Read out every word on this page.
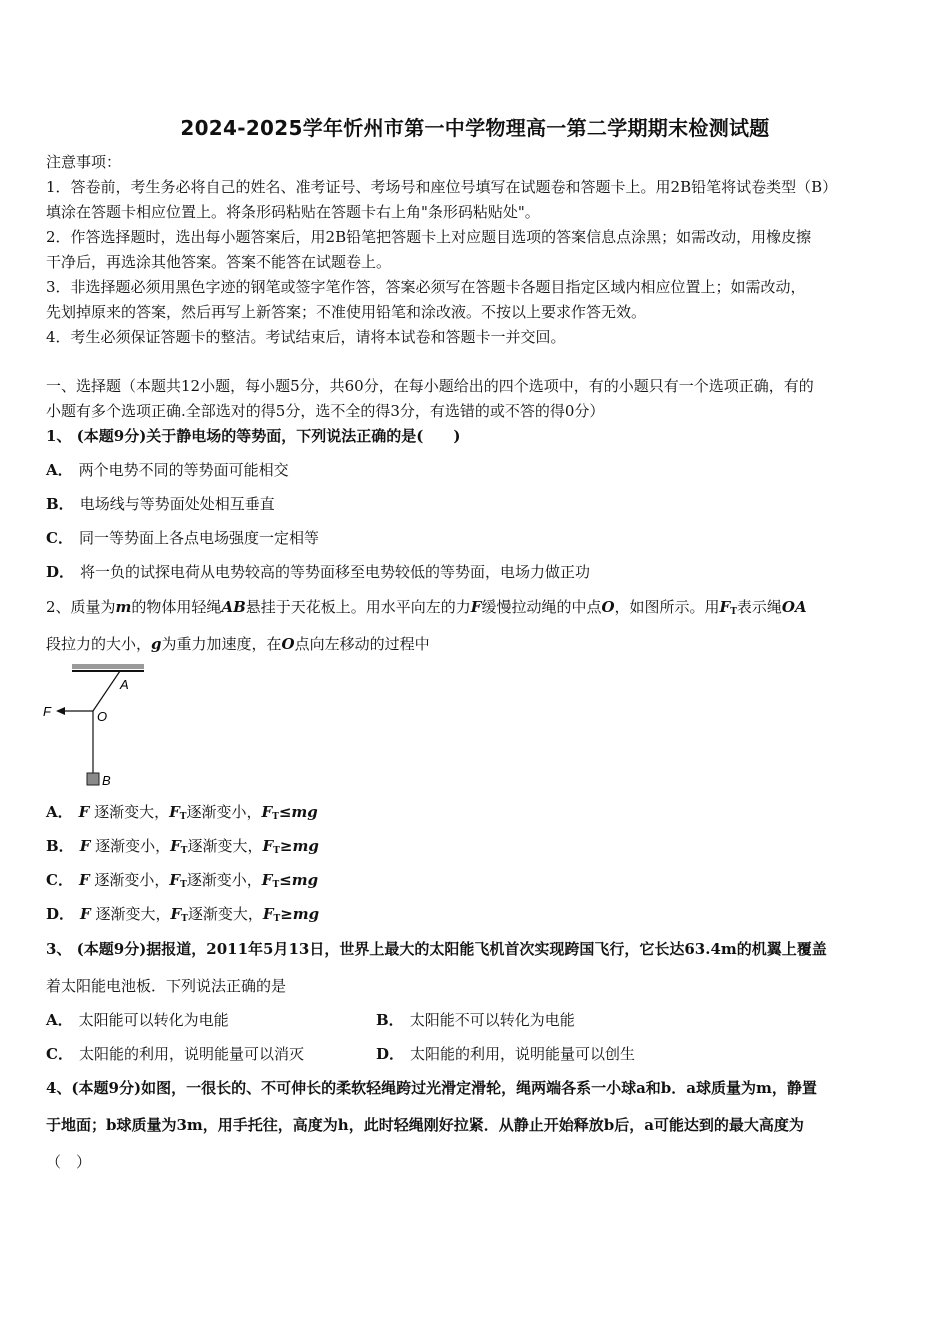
2024-2025学年忻州市第一中学物理高一第二学期期末检测试题
注意事项：
1．答卷前，考生务必将自己的姓名、准考证号、考场号和座位号填写在试题卷和答题卡上。用2B铅笔将试卷类型（B）
填涂在答题卡相应位置上。将条形码粘贴在答题卡右上角"条形码粘贴处"。
2．作答选择题时，选出每小题答案后，用2B铅笔把答题卡上对应题目选项的答案信息点涂黑；如需改动，用橡皮擦
干净后，再选涂其他答案。答案不能答在试题卷上。
3．非选择题必须用黑色字迹的钢笔或签字笔作答，答案必须写在答题卡各题目指定区域内相应位置上；如需改动，
先划掉原来的答案，然后再写上新答案；不准使用铅笔和涂改液。不按以上要求作答无效。
4．考生必须保证答题卡的整洁。考试结束后，请将本试卷和答题卡一并交回。
一、选择题（本题共12小题，每小题5分，共60分，在每小题给出的四个选项中，有的小题只有一个选项正确，有的
小题有多个选项正确.全部选对的得5分，选不全的得3分，有选错的或不答的得0分）
1、 (本题9分)关于静电场的等势面，下列说法正确的是(　　)
A． 两个电势不同的等势面可能相交
B． 电场线与等势面处处相互垂直
C． 同一等势面上各点电场强度一定相等
D． 将一负的试探电荷从电势较高的等势面移至电势较低的等势面，电场力做正功
2、质量为m的物体用轻绳AB悬挂于天花板上。用水平向左的力F缓慢拉动绳的中点O，如图所示。用$F_T$表示绳OA
段拉力的大小，g为重力加速度，在O点向左移动的过程中
A
F	O
B
A． F 逐渐变大，$F_T$逐渐变小，$F_T\le mg$
B． F 逐渐变小，$F_T$逐渐变大，$F_T\ge mg$
C． F 逐渐变小，$F_T$逐渐变小，$F_T\le mg$
D． F 逐渐变大，$F_T$逐渐变大，$F_T\ge mg$
3、 (本题9分)据报道，2011年5月13日，世界上最大的太阳能飞机首次实现跨国飞行，它长达63.4m的机翼上覆盖
着太阳能电池板．下列说法正确的是
A． 太阳能可以转化为电能	B． 太阳能不可以转化为电能
C． 太阳能的利用，说明能量可以消灭	D． 太阳能的利用，说明能量可以创生
4、(本题9分)如图，一很长的、不可伸长的柔软轻绳跨过光滑定滑轮，绳两端各系一小球a和b．a球质量为m，静置
于地面；b球质量为3m，用手托往，高度为h，此时轻绳刚好拉紧．从静止开始释放b后，a可能达到的最大高度为
（　）
